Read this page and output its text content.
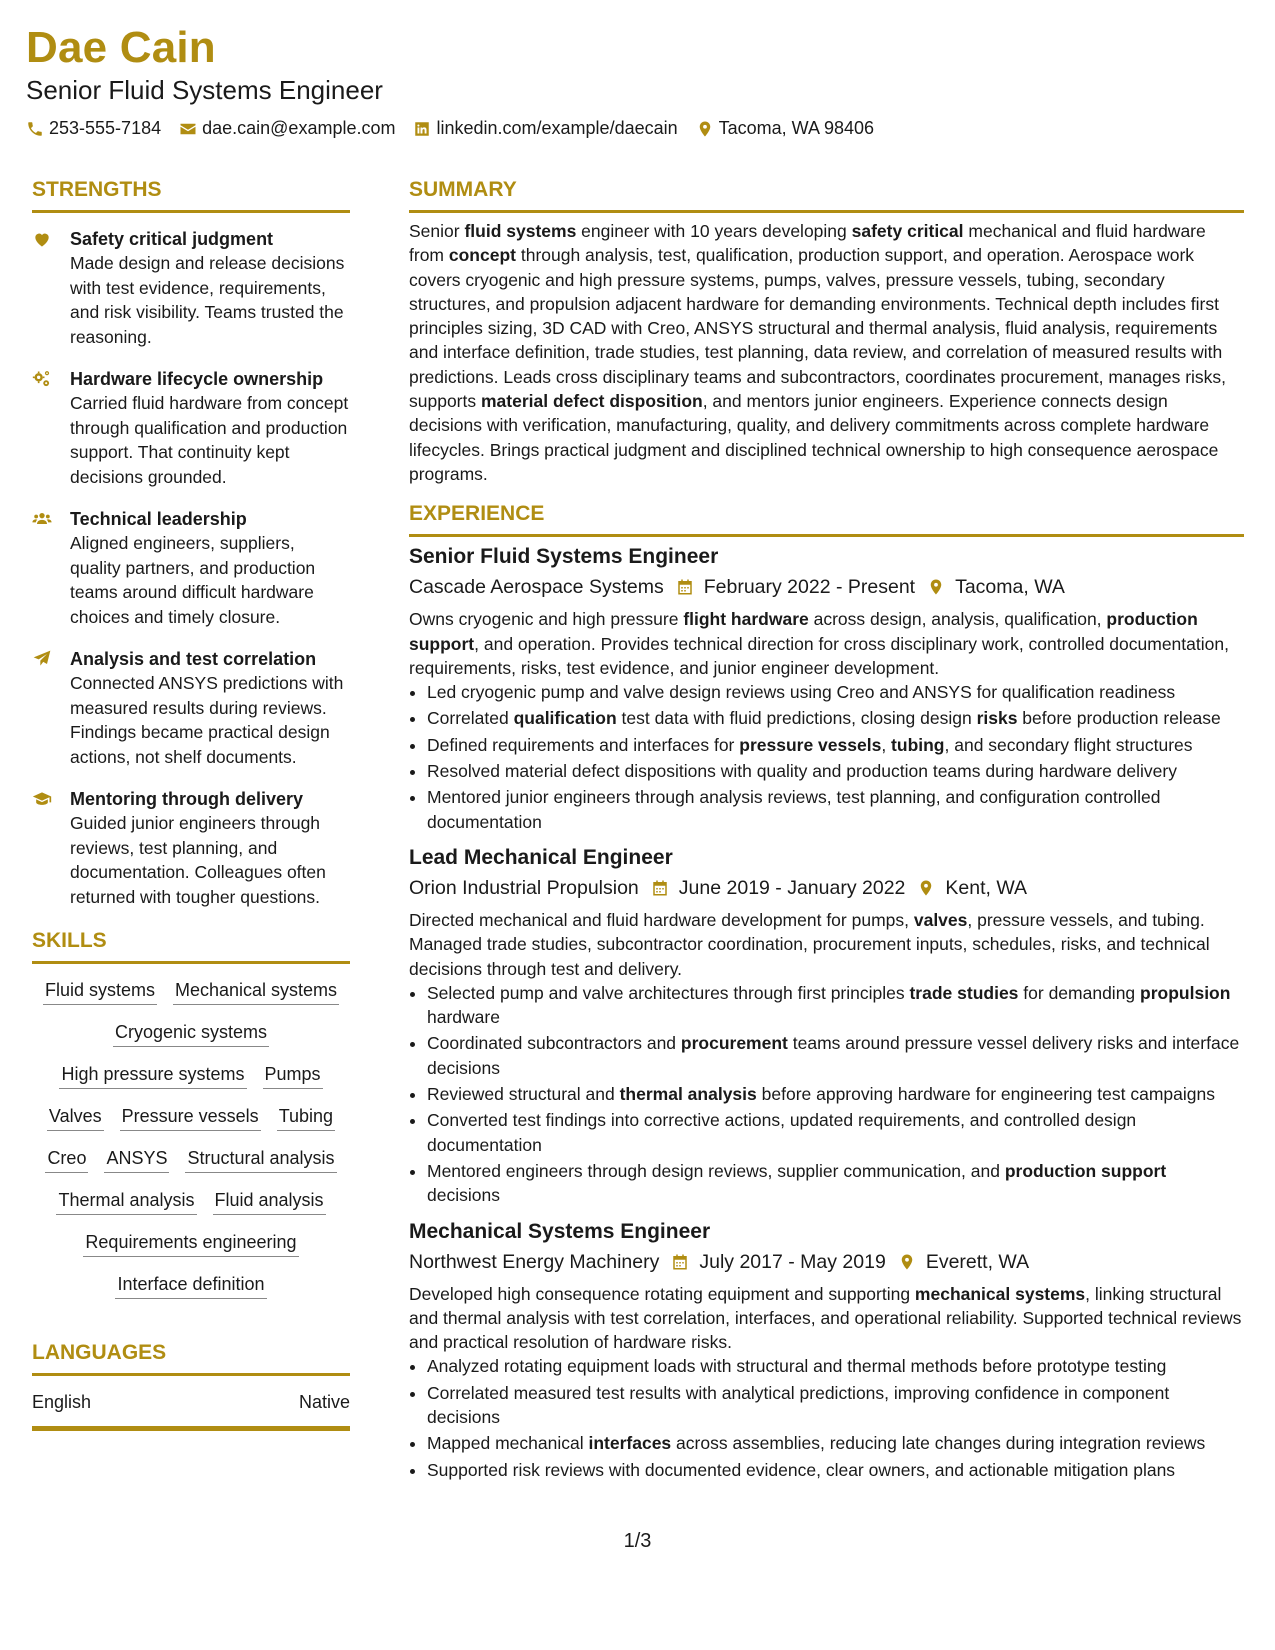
Dae Cain
Senior Fluid Systems Engineer
253-555-7184 dae.cain@example.com linkedin.com/example/daecain Tacoma, WA 98406
STRENGTHS
Safety critical judgment
Made design and release decisions with test evidence, requirements, and risk visibility. Teams trusted the reasoning.
Hardware lifecycle ownership
Carried fluid hardware from concept through qualification and production support. That continuity kept decisions grounded.
Technical leadership
Aligned engineers, suppliers, quality partners, and production teams around difficult hardware choices and timely closure.
Analysis and test correlation
Connected ANSYS predictions with measured results during reviews. Findings became practical design actions, not shelf documents.
Mentoring through delivery
Guided junior engineers through reviews, test planning, and documentation. Colleagues often returned with tougher questions.
SKILLS
Fluid systems Mechanical systems
Cryogenic systems
High pressure systems Pumps
Valves Pressure vessels Tubing
Creo ANSYS Structural analysis
Thermal analysis Fluid analysis
Requirements engineering
Interface definition
LANGUAGES
English	Native
SUMMARY
Senior fluid systems engineer with 10 years developing safety critical mechanical and fluid hardware from concept through analysis, test, qualification, production support, and operation. Aerospace work covers cryogenic and high pressure systems, pumps, valves, pressure vessels, tubing, secondary structures, and propulsion adjacent hardware for demanding environments. Technical depth includes first principles sizing, 3D CAD with Creo, ANSYS structural and thermal analysis, fluid analysis, requirements and interface definition, trade studies, test planning, data review, and correlation of measured results with predictions. Leads cross disciplinary teams and subcontractors, coordinates procurement, manages risks, supports material defect disposition, and mentors junior engineers. Experience connects design decisions with verification, manufacturing, quality, and delivery commitments across complete hardware lifecycles. Brings practical judgment and disciplined technical ownership to high consequence aerospace programs.
EXPERIENCE
Senior Fluid Systems Engineer
Cascade Aerospace Systems February 2022 - Present Tacoma, WA
Owns cryogenic and high pressure flight hardware across design, analysis, qualification, production support, and operation. Provides technical direction for cross disciplinary work, controlled documentation, requirements, risks, test evidence, and junior engineer development.
• Led cryogenic pump and valve design reviews using Creo and ANSYS for qualification readiness
• Correlated qualification test data with fluid predictions, closing design risks before production release
• Defined requirements and interfaces for pressure vessels, tubing, and secondary flight structures
• Resolved material defect dispositions with quality and production teams during hardware delivery
• Mentored junior engineers through analysis reviews, test planning, and configuration controlled documentation
Lead Mechanical Engineer
Orion Industrial Propulsion June 2019 - January 2022 Kent, WA
Directed mechanical and fluid hardware development for pumps, valves, pressure vessels, and tubing. Managed trade studies, subcontractor coordination, procurement inputs, schedules, risks, and technical decisions through test and delivery.
• Selected pump and valve architectures through first principles trade studies for demanding propulsion hardware
• Coordinated subcontractors and procurement teams around pressure vessel delivery risks and interface decisions
• Reviewed structural and thermal analysis before approving hardware for engineering test campaigns
• Converted test findings into corrective actions, updated requirements, and controlled design documentation
• Mentored engineers through design reviews, supplier communication, and production support decisions
Mechanical Systems Engineer
Northwest Energy Machinery July 2017 - May 2019 Everett, WA
Developed high consequence rotating equipment and supporting mechanical systems, linking structural and thermal analysis with test correlation, interfaces, and operational reliability. Supported technical reviews and practical resolution of hardware risks.
• Analyzed rotating equipment loads with structural and thermal methods before prototype testing
• Correlated measured test results with analytical predictions, improving confidence in component decisions
• Mapped mechanical interfaces across assemblies, reducing late changes during integration reviews
• Supported risk reviews with documented evidence, clear owners, and actionable mitigation plans
1/3
